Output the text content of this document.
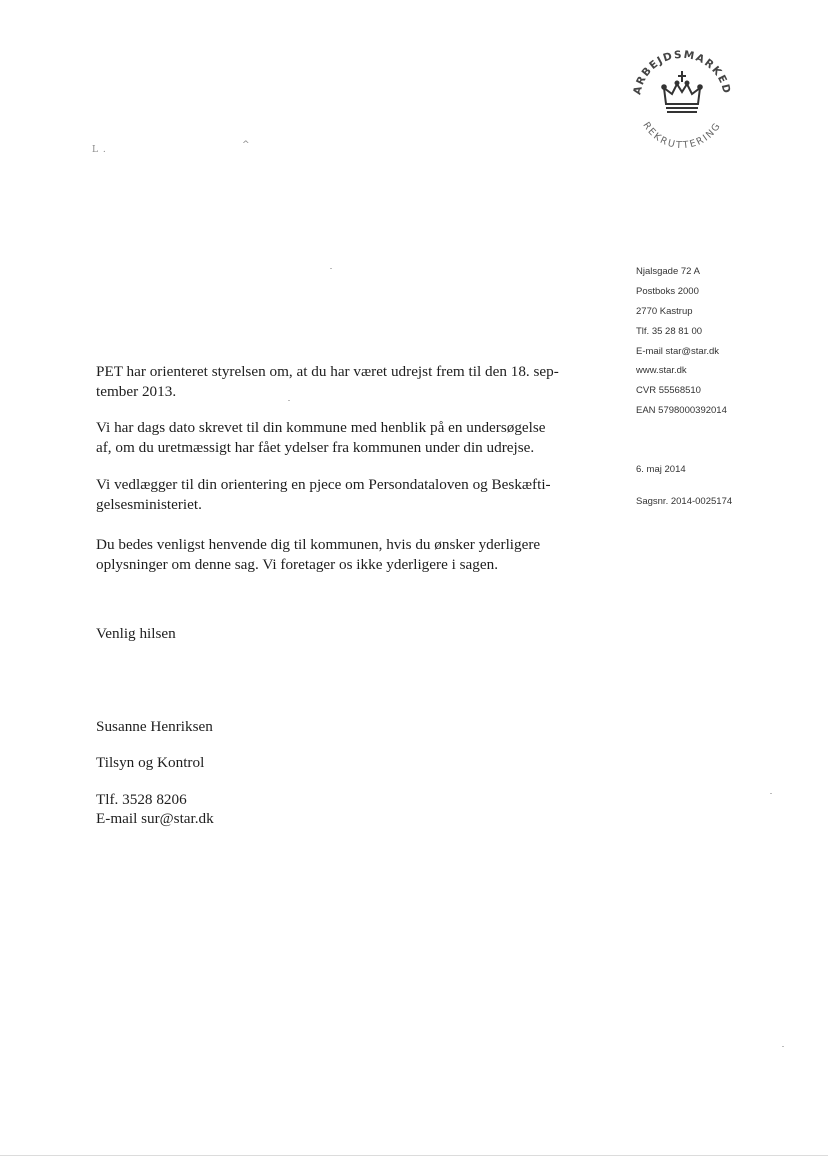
ARBEJDSMARKED
REKRUTTERING
L .	^
Njalsgade 72 A
Postboks 2000
2770 Kastrup
Tlf. 35 28 81 00
E-mail star@star.dk
www.star.dk
CVR 55568510
EAN 5798000392014
6. maj 2014
Sagsnr. 2014-0025174

PET har orienteret styrelsen om, at du har været udrejst frem til den 18. sep-
tember 2013.

Vi har dags dato skrevet til din kommune med henblik på en undersøgelse
af, om du uretmæssigt har fået ydelser fra kommunen under din udrejse.

Vi vedlægger til din orientering en pjece om Persondataloven og Beskæfti-
gelsesministeriet.

Du bedes venligst henvende dig til kommunen, hvis du ønsker yderligere
oplysninger om denne sag. Vi foretager os ikke yderligere i sagen.

Venlig hilsen
Susanne Henriksen
Tilsyn og Kontrol
Tlf. 3528 8206
E-mail sur@star.dk
